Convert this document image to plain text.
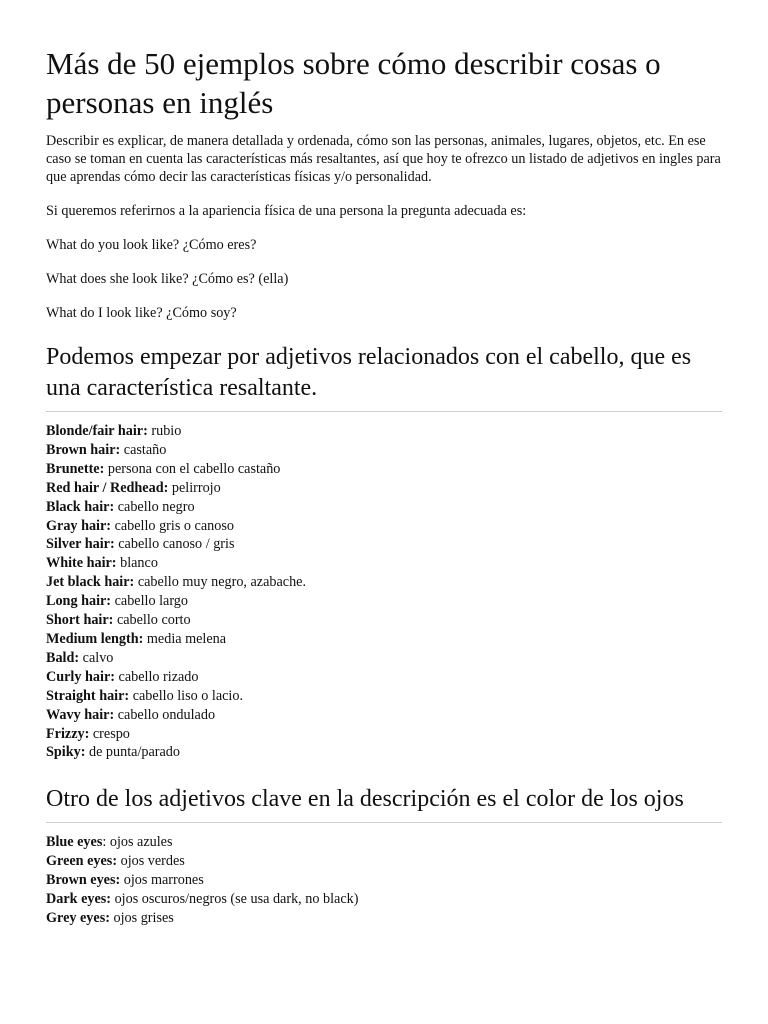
Más de 50 ejemplos sobre cómo describir cosas o personas en inglés

Describir es explicar, de manera detallada y ordenada, cómo son las personas, animales, lugares, objetos, etc. En ese caso se toman en cuenta las características más resaltantes, así que hoy te ofrezco un listado de adjetivos en ingles para que aprendas cómo decir las características físicas y/o personalidad.

Si queremos referirnos a la apariencia física de una persona la pregunta adecuada es:

What do you look like? ¿Cómo eres?

What does she look like? ¿Cómo es? (ella)

What do I look like? ¿Cómo soy?

Podemos empezar por adjetivos relacionados con el cabello, que es una característica resaltante.
Blonde/fair hair: rubio
Brown hair: castaño
Brunette: persona con el cabello castaño
Red hair / Redhead: pelirrojo
Black hair: cabello negro
Gray hair: cabello gris o canoso
Silver hair: cabello canoso / gris
White hair: blanco
Jet black hair: cabello muy negro, azabache.
Long hair: cabello largo
Short hair: cabello corto
Medium length: media melena
Bald: calvo
Curly hair: cabello rizado
Straight hair: cabello liso o lacio.
Wavy hair: cabello ondulado
Frizzy: crespo
Spiky: de punta/parado
Otro de los adjetivos clave en la descripción es el color de los ojos
Blue eyes: ojos azules
Green eyes: ojos verdes
Brown eyes: ojos marrones
Dark eyes: ojos oscuros/negros (se usa dark, no black)
Grey eyes: ojos grises
